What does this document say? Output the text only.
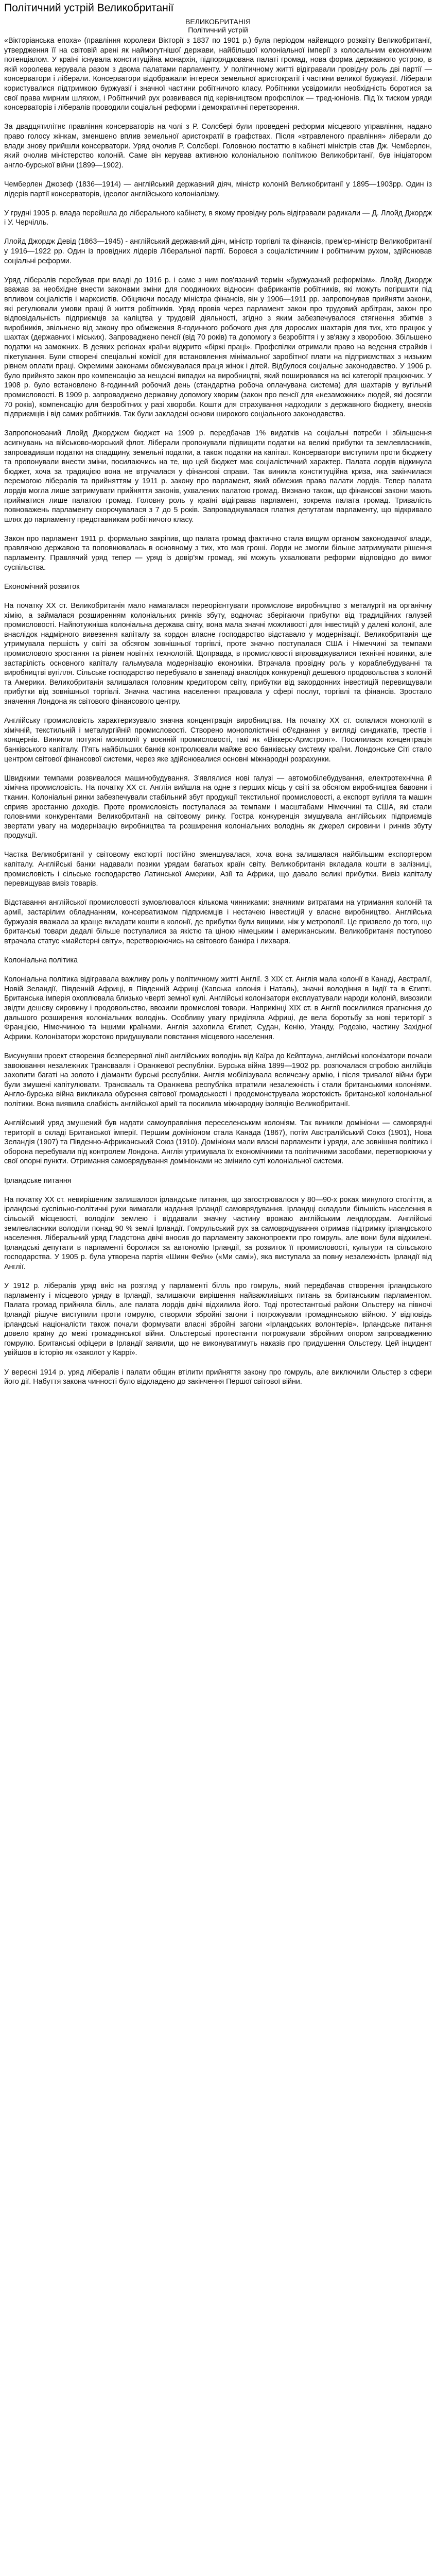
Політичний устрій Великобританії

ВЕЛИКОБРИТАНІЯ

Політичний устрій

«Вікторіанська епоха» (правління королеви Вікторії з 1837 по 1901 р.) була періодом найвищого розквіту Великобританії, утвердження її на світовій арені як наймогутнішої держави, найбільшої колоніальної імперії з колосальним економічним потенціалом. У країні існувала конституційна монархія, підпорядкована палаті громад, нова форма державного устрою, в якій королева керувала разом з двома палатами парламенту. У політичному житті відігравали провідну роль дві партії — консерватори і ліберали. Консерватори відображали інтереси земельної аристократії і частини великої буржуазії. Ліберали користувалися підтримкою буржуазії і значної частини робітничого класу. Робітники усвідомили необхідність боротися за свої права мирним шляхом, і Робітничий рух розвивався під керівництвом профспілок — тред-юніонів. Під їх тиском уряди консерваторів і лібералів проводили соціальні реформи і демократичні перетворення.

За двадцятилітнє правління консерваторів на чолі з Р. Солсбері були проведені реформи місцевого управління, надано право голосу жінкам, зменшено вплив земельної аристократії в графствах. Після «втравленого правління» ліберали до влади знову прийшли консерватори. Уряд очолив Р. Солсбері. Головною постаттю в кабінеті міністрів став Дж. Чемберлен, який очолив міністерство колоній. Саме він керував активною колоніальною політикою Великобританії, був ініціатором англо-бурської війни (1899—1902).

Чемберлен Джозеф (1836—1914) — англійський державний діяч, міністр колоній Великобританії у 1895—1903рр. Один із лідерів партії консерваторів, ідеолог англійського колоніалізму.

У грудні 1905 р. влада перейшла до ліберального кабінету, в якому провідну роль відігравали радикали — Д. Ллойд Джордж і У. Черчілль.

Ллойд Джордж Девід (1863—1945) - англійський державний діяч, міністр торгівлі та фінансів, прем'єр-міністр Великобританії у 1916—1922 рр. Один із провідних лідерів Ліберальної партії. Боровся з соціалістичним і робітничим рухом, здійснював соціальні реформи.

Уряд лібералів перебував при владі до 1916 р. і саме з ним пов'язаний термін «буржуазний реформізм». Ллойд Джордж вважав за необхідне внести законами зміни для поодиноких відносин фабрикантів робітників, які можуть погіршити під впливом соціалістів і марксистів. Обіцяючи посаду міністра фінансів, він у 1906—1911 рр. запропонував прийняти закони, які регулювали умови праці й життя робітників. Уряд провів через парламент закон про трудовий арбітраж, закон про відповідальність підприємців за каліцтва у трудовій діяльності, згідно з яким забезпечувалося стягнення збитків з виробників, звільнено від закону про обмеження 8-годинного робочого дня для дорослих шахтарів для тих, хто працює у шахтах (державних і міських). Запроваджено пенсії (від 70 років) та допомогу з безробіття і у зв'язку з хворобою. Збільшено податки на заможних. В деяких регіонах країни відкрито «біржі праці». Профспілки отримали право на ведення страйків і пікетування. Були створені спеціальні комісії для встановлення мінімальної заробітної плати на підприємствах з низьким рівнем оплати праці. Окремими законами обмежувалася праця жінок і дітей. Відбулося соціальне законодавство. У 1906 р. було прийнято закон про компенсацію за нещасні випадки на виробництві, який поширювався на всі категорії працюючих. У 1908 р. було встановлено 8-годинний робочий день (стандартна робоча оплачувана система) для шахтарів у вугільній промисловості. В 1909 р. запроваджено державну допомогу хворим (закон про пенсії для «незаможних» людей, які досягли 70 років), компенсацію для безробітних у разі хвороби. Кошти для страхування надходили з державного бюджету, внесків підприємців і від самих робітників. Так були закладені основи широкого соціального законодавства.

Запропонований Ллойд Джорджем бюджет на 1909 р. передбачав 1% видатків на соціальні потреби і збільшення асигнувань на військово-морський флот. Ліберали пропонували підвищити податки на великі прибутки та землевласників, запровадивши податки на спадщину, земельні податки, а також податки на капітал. Консерватори виступили проти бюджету та пропонували внести зміни, посилаючись на те, що цей бюджет має соціалістичний характер. Палата лордів відкинула бюджет, хоча за традицією вона не втручалася у фінансові справи. Так виникла конституційна криза, яка закінчилася перемогою лібералів та прийняттям у 1911 р. закону про парламент, який обмежив права палати лордів. Тепер палата лордів могла лише затримувати прийняття законів, ухвалених палатою громад. Визнано також, що фінансові закони мають прийматися лише палатою громад. Головну роль у країні відігравав парламент, зокрема палата громад. Тривалість повноважень парламенту скорочувалася з 7 до 5 років. Запроваджувалася платня депутатам парламенту, що відкривало шлях до парламенту представникам робітничого класу.

Закон про парламент 1911 р. формально закріпив, що палата громад фактично стала вищим органом законодавчої влади, правлячою державою та поповнювалась в основному з тих, хто мав гроші. Лорди не змогли більше затримувати рішення парламенту. Правлячий уряд тепер — уряд із довір'ям громад, які можуть ухвалювати реформи відповідно до вимог суспільства.

Економічний розвиток

На початку XX ст. Великобританія мало намагалася переорієнтувати промислове виробництво з металургії на органічну хімію, а займалася розширенням колоніальних ринків збуту, водночас зберігаючи прибутки від традиційних галузей промисловості. Найпотужніша колоніальна держава світу, вона мала значні можливості для інвестицій у далекі колонії, але внаслідок надмірного вивезення капіталу за кордон власне господарство відставало у модернізації. Великобританія ще утримувала першість у світі за обсягом зовнішньої торгівлі, проте значно поступалася США і Німеччині за темпами промислового зростання та рівнем новітніх технологій. Щоправда, в промисловості впроваджувалися технічні новинки, але застарілість основного капіталу гальмувала модернізацію економіки. Втрачала провідну роль у кораблебудуванні та виробництві вугілля. Сільське господарство перебувало в занепаді внаслідок конкуренції дешевого продовольства з колоній та Америки. Великобританія залишалася головним кредитором світу, прибутки від закордонних інвестицій перевищували прибутки від зовнішньої торгівлі. Значна частина населення працювала у сфері послуг, торгівлі та фінансів. Зростало значення Лондона як світового фінансового центру.

Англійську промисловість характеризувало значна концентрація виробництва. На початку XX ст. склалися монополії в хімічній, текстильній і металургійній промисловості. Створено монополістичні об'єднання у вигляді синдикатів, трестів і концернів. Виникли потужні монополії у воєнній промисловості, такі як «Віккерс-Армстронг». Посилилася концентрація банківського капіталу. П'ять найбільших банків контролювали майже всю банківську систему країни. Лондонське Сіті стало центром світової фінансової системи, через яке здійснювалися основні міжнародні розрахунки.

Швидкими темпами розвивалося машинобудування. З'являлися нові галузі — автомобілебудування, електротехнічна й хімічна промисловість. На початку XX ст. Англія вийшла на одне з перших місць у світі за обсягом виробництва бавовни і тканин. Колоніальні ринки забезпечували стабільний збут продукції текстильної промисловості, а експорт вугілля та машин сприяв зростанню доходів. Проте промисловість поступалася за темпами і масштабами Німеччині та США, які стали головними конкурентами Великобританії на світовому ринку. Гостра конкуренція змушувала англійських підприємців звертати увагу на модернізацію виробництва та розширення колоніальних володінь як джерел сировини і ринків збуту продукції.

Частка Великобританії у світовому експорті постійно зменшувалася, хоча вона залишалася найбільшим експортером капіталу. Англійські банки надавали позики урядам багатьох країн світу. Великобританія вкладала кошти в залізниці, промисловість і сільське господарство Латинської Америки, Азії та Африки, що давало великі прибутки. Вивіз капіталу перевищував вивіз товарів.

Відставання англійської промисловості зумовлювалося кількома чинниками: значними витратами на утримання колоній та армії, застарілим обладнанням, консерватизмом підприємців і нестачею інвестицій у власне виробництво. Англійська буржуазія вважала за краще вкладати кошти в колонії, де прибутки були вищими, ніж у метрополії. Це призвело до того, що британські товари дедалі більше поступалися за якістю та ціною німецьким і американським. Великобританія поступово втрачала статус «майстерні світу», перетворюючись на світового банкіра і лихваря.

Колоніальна політика

Колоніальна політика відігравала важливу роль у політичному житті Англії. З XIX ст. Англія мала колонії в Канаді, Австралії, Новій Зеландії, Південній Африці, в Південній Африці (Капська колонія і Наталь), значні володіння в Індії та в Єгипті. Британська імперія охоплювала близько чверті земної кулі. Англійські колонізатори експлуатували народи колоній, вивозили звідти дешеву сировину і продовольство, ввозили промислові товари. Наприкінці XIX ст. в Англії посилилися прагнення до дальшого розширення колоніальних володінь. Особливу увагу приділяла Африці, де вела боротьбу за нові території з Францією, Німеччиною та іншими країнами. Англія захопила Єгипет, Судан, Кенію, Уганду, Родезію, частину Західної Африки. Колонізатори жорстоко придушували повстання місцевого населення.

Висунувши проект створення безперервної лінії англійських володінь від Каїра до Кейптауна, англійські колонізатори почали завоювання незалежних Трансвааля і Оранжевої республіки. Бурська війна 1899—1902 рр. розпочалася спробою англійців захопити багаті на золото і діаманти бурські республіки. Англія мобілізувала величезну армію, і після тривалої війни бури були змушені капітулювати. Трансвааль та Оранжева республіка втратили незалежність і стали британськими колоніями. Англо-бурська війна викликала обурення світової громадськості і продемонструвала жорстокість британської колоніальної політики. Вона виявила слабкість англійської армії та посилила міжнародну ізоляцію Великобританії.

Англійський уряд змушений був надати самоуправління переселенським колоніям. Так виникли домініони — самоврядні території в складі Британської імперії. Першим домініоном стала Канада (1867), потім Австралійський Союз (1901), Нова Зеландія (1907) та Південно-Африканський Союз (1910). Домініони мали власні парламенти і уряди, але зовнішня політика і оборона перебували під контролем Лондона. Англія утримувала їх економічними та політичними засобами, перетворюючи у свої опорні пункти. Отримання самоврядування домініонами не змінило суті колоніальної системи.

Ірландське питання

На початку XX ст. невирішеним залишалося ірландське питання, що загострювалося у 80—90-х роках минулого століття, а ірландські суспільно-політичні рухи вимагали надання Ірландії самоврядування. Ірландці складали більшість населення в сільській місцевості, володіли землею і віддавали значну частину врожаю англійським лендлордам. Англійські землевласники володіли понад 90 % землі Ірландії. Гомрульський рух за самоврядування отримав підтримку ірландського населення. Ліберальний уряд Гладстона двічі вносив до парламенту законопроекти про гомруль, але вони були відхилені. Ірландські депутати в парламенті боролися за автономію Ірландії, за розвиток її промисловості, культури та сільського господарства. У 1905 р. була утворена партія «Шинн Фейн» («Ми самі»), яка виступала за повну незалежність Ірландії від Англії.

У 1912 р. лібералів уряд вніс на розгляд у парламенті білль про гомруль, який передбачав створення ірландського парламенту і місцевого уряду в Ірландії, залишаючи вирішення найважливіших питань за британським парламентом. Палата громад прийняла білль, але палата лордів двічі відхилила його. Тоді протестантські райони Ольстеру на півночі Ірландії рішуче виступили проти гомрулю, створили збройні загони і погрожували громадянською війною. У відповідь ірландські націоналісти також почали формувати власні збройні загони «Ірландських волонтерів». Ірландське питання довело країну до межі громадянської війни. Ольстерські протестанти погрожували збройним опором запровадженню гомрулю. Британські офіцери в Ірландії заявили, що не виконуватимуть наказів про придушення Ольстеру. Цей інцидент увійшов в історію як «заколот у Каррі».

У вересні 1914 р. уряд лібералів і палати общин втілити прийняття закону про гомруль, але виключили Ольстер з сфери його дії. Набуття закона чинності було відкладено до закінчення Першої світової війни.
